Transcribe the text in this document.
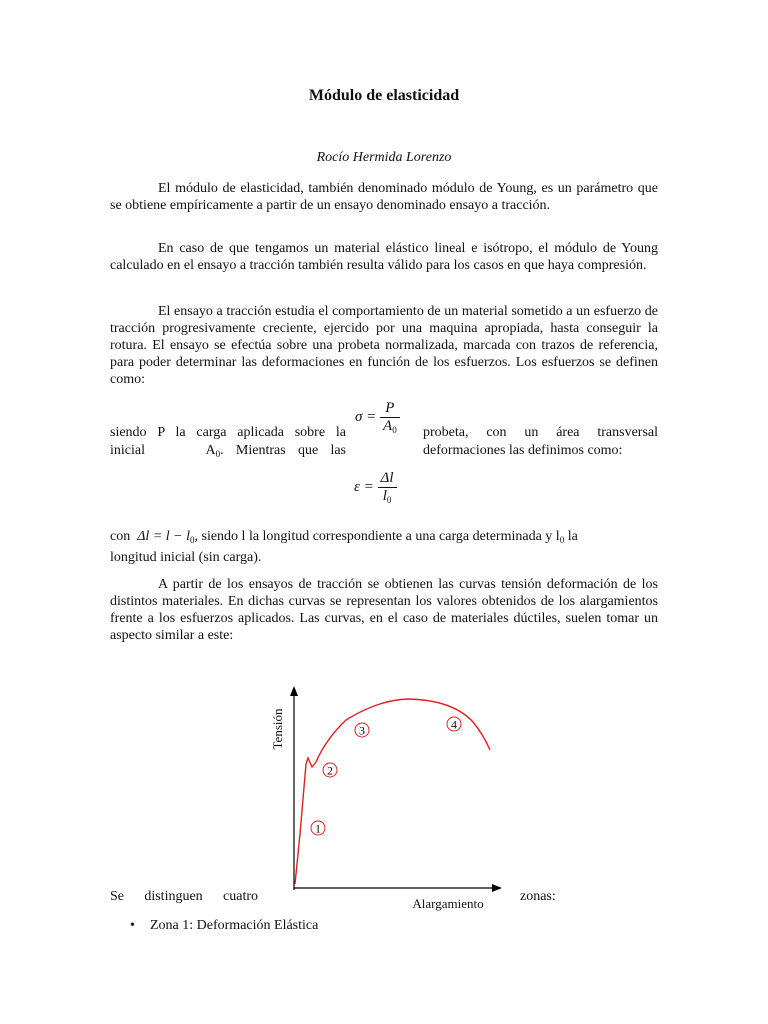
Módulo de elasticidad
Rocío Hermida Lorenzo
El módulo de elasticidad, también denominado módulo de Young, es un parámetro que se obtiene empíricamente a partir de un ensayo denominado ensayo a tracción.
En caso de que tengamos un material elástico lineal e isótropo, el módulo de Young calculado en el ensayo a tracción también resulta válido para los casos en que haya compresión.
El ensayo a tracción estudia el comportamiento de un material sometido a un esfuerzo de tracción progresivamente creciente, ejercido por una maquina apropiada, hasta conseguir la rotura. El ensayo se efectúa sobre una probeta normalizada, marcada con trazos de referencia, para poder determinar las deformaciones en función de los esfuerzos. Los esfuerzos se definen como:
siendo P la carga aplicada sobre la
inicial	$A_0$. Mientras que las
$\sigma = \frac{P}{A_0}$ probeta, con un área transversal
deformaciones las definimos como:
$\varepsilon = \frac{\Delta l}{l_0}$
con $\Delta l = l - l_0$, siendo l la longitud correspondiente a una carga determinada y $l_0$ la
longitud inicial (sin carga).
A partir de los ensayos de tracción se obtienen las curvas tensión deformación de los distintos materiales. En dichas curvas se representan los valores obtenidos de los alargamientos frente a los esfuerzos aplicados. Las curvas, en el caso de materiales dúctiles, suelen tomar un aspecto similar a este:
1
2
3	4
Tensión
Alargamiento
Se distinguen cuatro	zonas:
• Zona 1: Deformación Elástica
